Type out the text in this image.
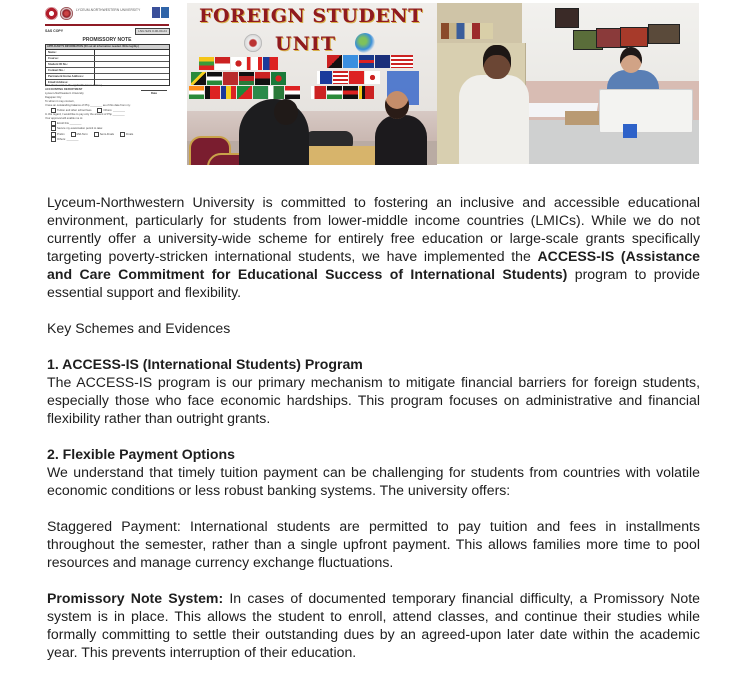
LYCEUM-NORTHWESTERN UNIVERSITY
SAS COPY	LNU-SAS 0-00-00-24
PROMISSORY NOTE
APPLICANT'S INFORMATION (fill out all information needed. Write legibly.)
Name:
Course:
Student ID No.:
Contact No.:
Permanent Home Address:
Email Address:
Date
(Put check mark in the applicable boxes below.)
ACCOUNTING DEPARTMENT
Lyceum-Northwestern University
Dagupan City
To whom it may concern,
I have an outstanding balance of Php ________ as of this date from my:
Tuition and other school fees	Others: ________
In this regard, I would like to pay only the amount of Php ________
Your approval will enable me to:
Enroll this ________
Secure my examination permit to take:
Prelim	Mid-Term	Semi-Finals	Finals
Others: ________
FOREIGN STUDENT
UNIT

Lyceum-Northwestern University is committed to fostering an inclusive and accessible educational environment, particularly for students from lower-middle income countries (LMICs). While we do not currently offer a university-wide scheme for entirely free education or large-scale grants specifically targeting poverty-stricken international students, we have implemented the ACCESS-IS (Assistance and Care Commitment for Educational Success of International Students) program to provide essential support and flexibility.

Key Schemes and Evidences

1. ACCESS-IS (International Students) Program

The ACCESS-IS program is our primary mechanism to mitigate financial barriers for foreign students, especially those who face economic hardships. This program focuses on administrative and financial flexibility rather than outright grants.

2. Flexible Payment Options

We understand that timely tuition payment can be challenging for students from countries with volatile economic conditions or less robust banking systems. The university offers:

Staggered Payment: International students are permitted to pay tuition and fees in installments throughout the semester, rather than a single upfront payment. This allows families more time to pool resources and manage currency exchange fluctuations.

Promissory Note System: In cases of documented temporary financial difficulty, a Promissory Note system is in place. This allows the student to enroll, attend classes, and continue their studies while formally committing to settle their outstanding dues by an agreed-upon later date within the academic year. This prevents interruption of their education.
